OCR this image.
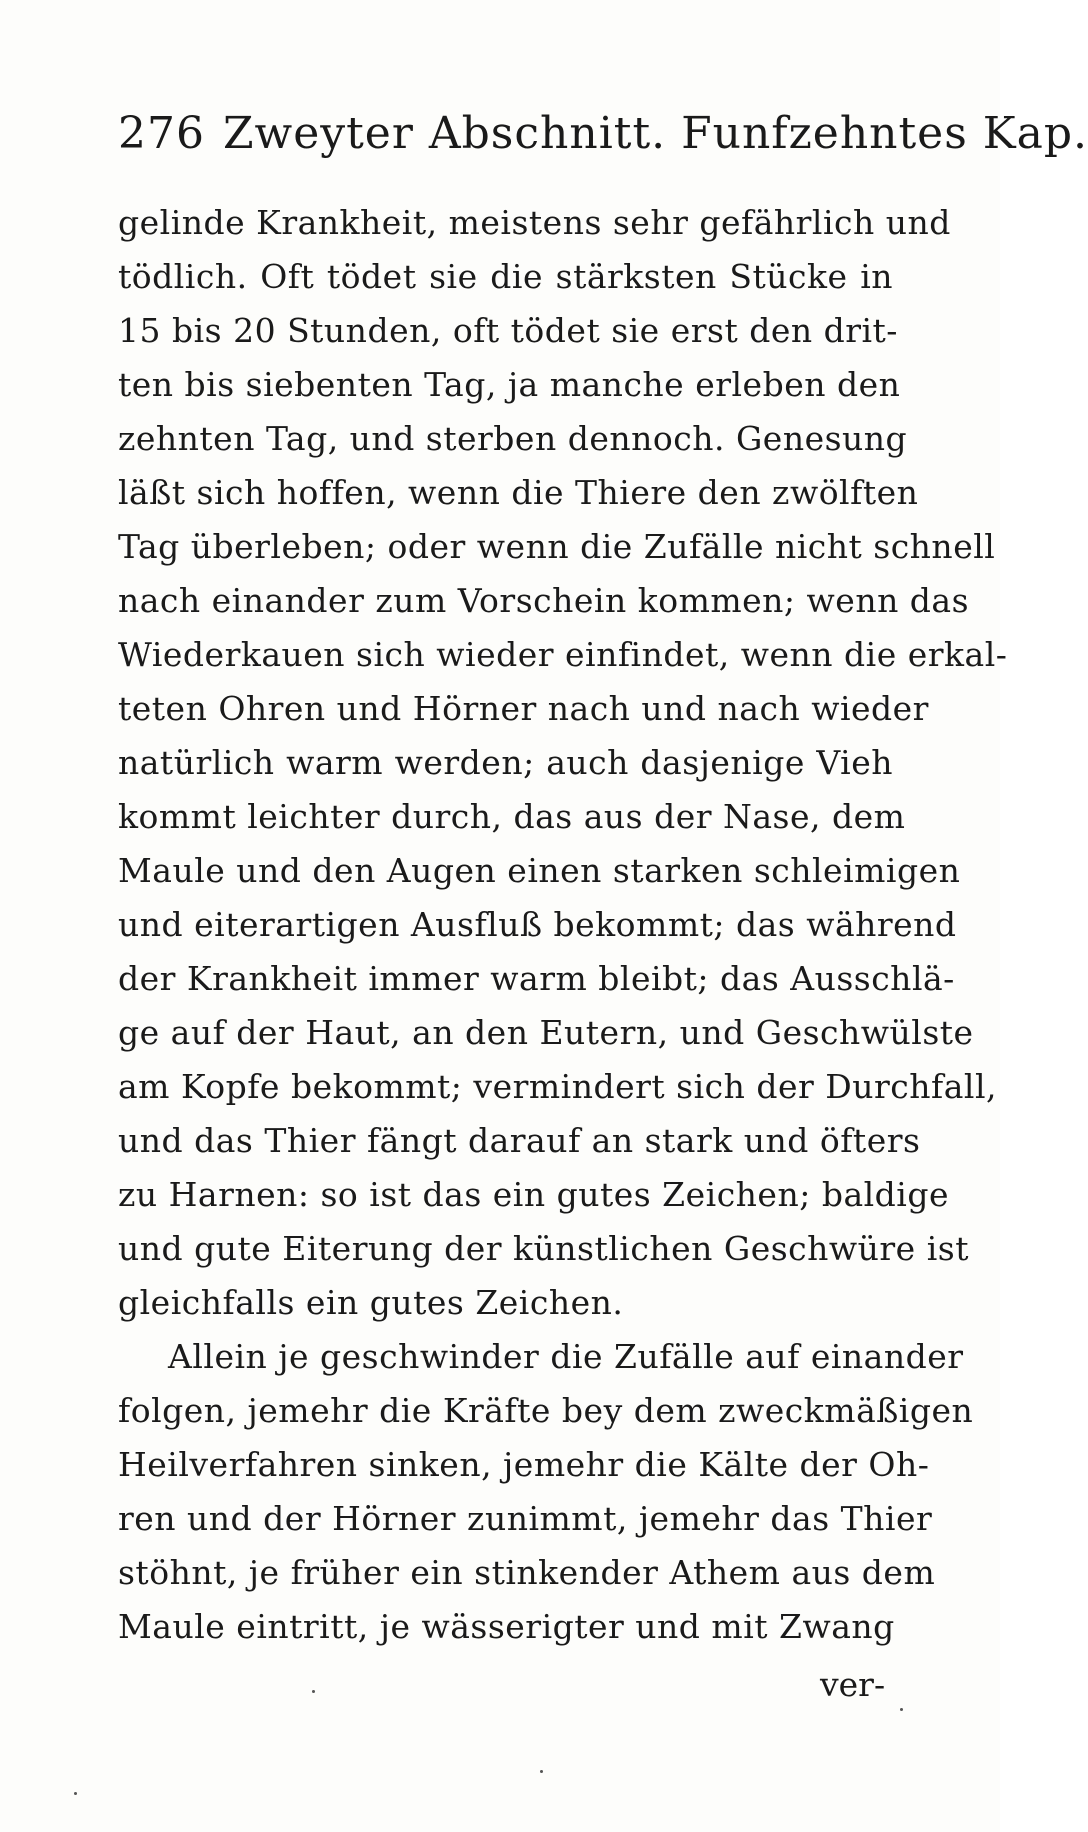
276 Zweyter Abschnitt. Funfzehntes Kap.
gelinde Krankheit, meistens sehr gefährlich und
tödlich. Oft tödet sie die stärksten Stücke in
15 bis 20 Stunden, oft tödet sie erst den drit-
ten bis siebenten Tag, ja manche erleben den
zehnten Tag, und sterben dennoch. Genesung
läßt sich hoffen, wenn die Thiere den zwölften
Tag überleben; oder wenn die Zufälle nicht schnell
nach einander zum Vorschein kommen; wenn das
Wiederkauen sich wieder einfindet, wenn die erkal-
teten Ohren und Hörner nach und nach wieder
natürlich warm werden; auch dasjenige Vieh
kommt leichter durch, das aus der Nase, dem
Maule und den Augen einen starken schleimigen
und eiterartigen Ausfluß bekommt; das während
der Krankheit immer warm bleibt; das Ausschlä-
ge auf der Haut, an den Eutern, und Geschwülste
am Kopfe bekommt; vermindert sich der Durchfall,
und das Thier fängt darauf an stark und öfters
zu Harnen: so ist das ein gutes Zeichen; baldige
und gute Eiterung der künstlichen Geschwüre ist
gleichfalls ein gutes Zeichen.
Allein je geschwinder die Zufälle auf einander
folgen, jemehr die Kräfte bey dem zweckmäßigen
Heilverfahren sinken, jemehr die Kälte der Oh-
ren und der Hörner zunimmt, jemehr das Thier
stöhnt, je früher ein stinkender Athem aus dem
Maule eintritt, je wässerigter und mit Zwang
ver-
